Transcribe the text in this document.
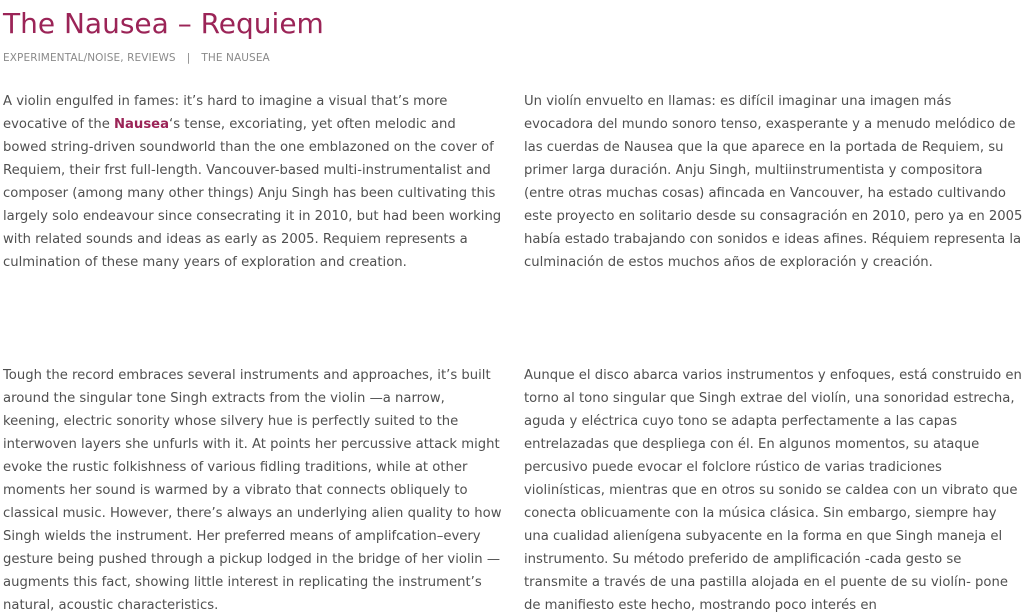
The Nausea – Requiem
EXPERIMENTAL/NOISE, REVIEWS | THE NAUSEA

A violin engulfed in fames: it’s hard to imagine a visual that’s more evocative of the Nausea‘s tense, excoriating, yet often melodic and bowed string-driven soundworld than the one emblazoned on the cover of Requiem, their frst full-length. Vancouver-based multi-instrumentalist and composer (among many other things) Anju Singh has been cultivating this largely solo endeavour since consecrating it in 2010, but had been working with related sounds and ideas as early as 2005. Requiem represents a culmination of these many years of exploration and creation.

Un violín envuelto en llamas: es difícil imaginar una imagen más evocadora del mundo sonoro tenso, exasperante y a menudo melódico de las cuerdas de Nausea que la que aparece en la portada de Requiem, su primer larga duración. Anju Singh, multiinstrumentista y compositora (entre otras muchas cosas) afincada en Vancouver, ha estado cultivando este proyecto en solitario desde su consagración en 2010, pero ya en 2005 había estado trabajando con sonidos e ideas afines. Réquiem representa la culminación de estos muchos años de exploración y creación.

Tough the record embraces several instruments and approaches, it’s built around the singular tone Singh extracts from the violin —a narrow, keening, electric sonority whose silvery hue is perfectly suited to the interwoven layers she unfurls with it. At points her percussive attack might evoke the rustic folkishness of various fidling traditions, while at other moments her sound is warmed by a vibrato that connects obliquely to classical music. However, there’s always an underlying alien quality to how Singh wields the instrument. Her preferred means of amplifcation–every gesture being pushed through a pickup lodged in the bridge of her violin —augments this fact, showing little interest in replicating the instrument’s natural, acoustic characteristics.

Aunque el disco abarca varios instrumentos y enfoques, está construido en torno al tono singular que Singh extrae del violín, una sonoridad estrecha, aguda y eléctrica cuyo tono se adapta perfectamente a las capas entrelazadas que despliega con él. En algunos momentos, su ataque percusivo puede evocar el folclore rústico de varias tradiciones violinísticas, mientras que en otros su sonido se caldea con un vibrato que conecta oblicuamente con la música clásica. Sin embargo, siempre hay una cualidad alienígena subyacente en la forma en que Singh maneja el instrumento. Su método preferido de amplificación -cada gesto se transmite a través de una pastilla alojada en el puente de su violín- pone de manifiesto este hecho, mostrando poco interés en
